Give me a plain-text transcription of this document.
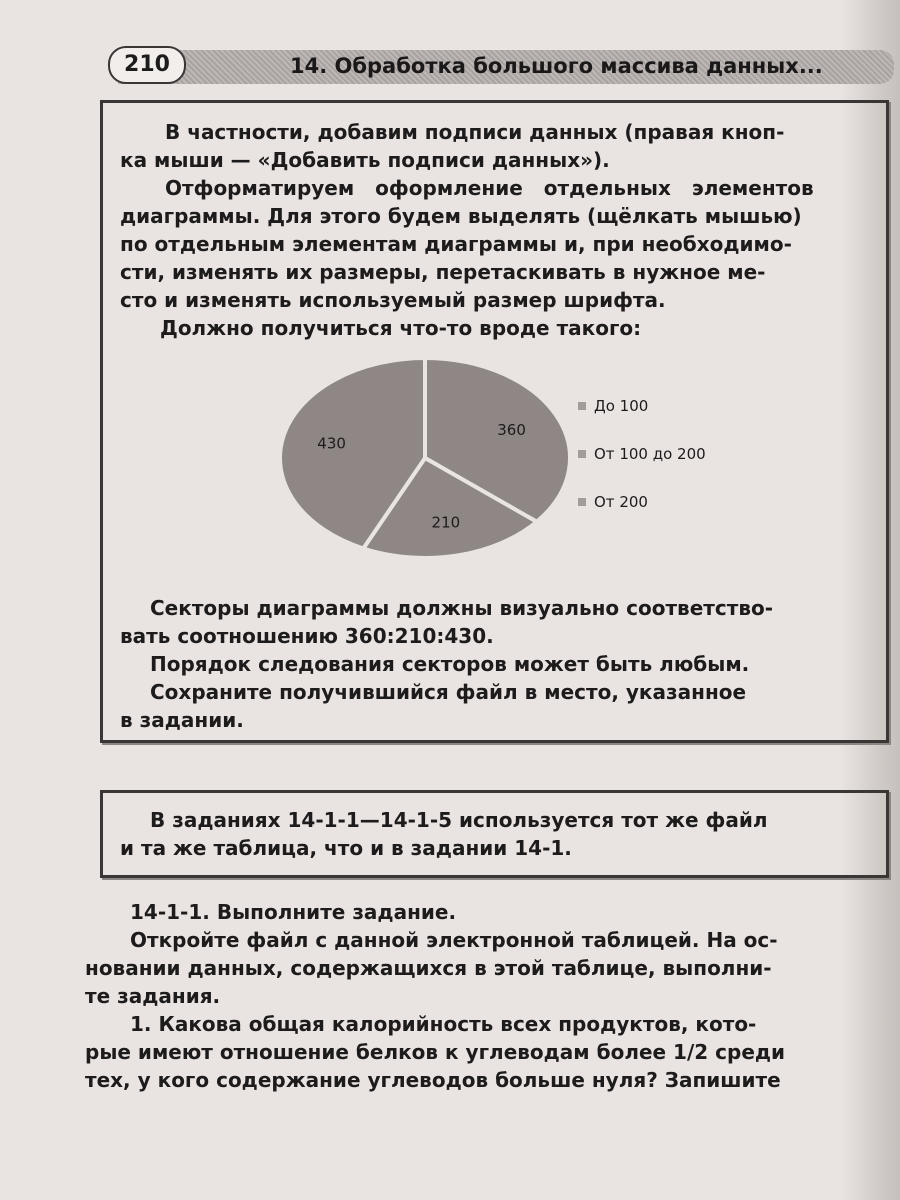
210	14. Обработка большого массива данных...
В частности, добавим подписи данных (правая кноп-
ка мыши — «Добавить подписи данных»).
Отформатируем оформление отдельных элементов
диаграммы. Для этого будем выделять (щёлкать мышью)
по отдельным элементам диаграммы и, при необходимо-
сти, изменять их размеры, перетаскивать в нужное ме-
сто и изменять используемый размер шрифта.
Должно получиться что-то вроде такого:
360
210
430
До 100
От 100 до 200
От 200
Секторы диаграммы должны визуально соответство-
вать соотношению 360:210:430.
Порядок следования секторов может быть любым.
Сохраните получившийся файл в место, указанное
в задании.
В заданиях 14-1-1—14-1-5 используется тот же файл
и та же таблица, что и в задании 14-1.
14-1-1. Выполните задание.
Откройте файл с данной электронной таблицей. На ос-
новании данных, содержащихся в этой таблице, выполни-
те задания.
1. Какова общая калорийность всех продуктов, кото-
рые имеют отношение белков к углеводам более 1/2 среди
тех, у кого содержание углеводов больше нуля? Запишите
